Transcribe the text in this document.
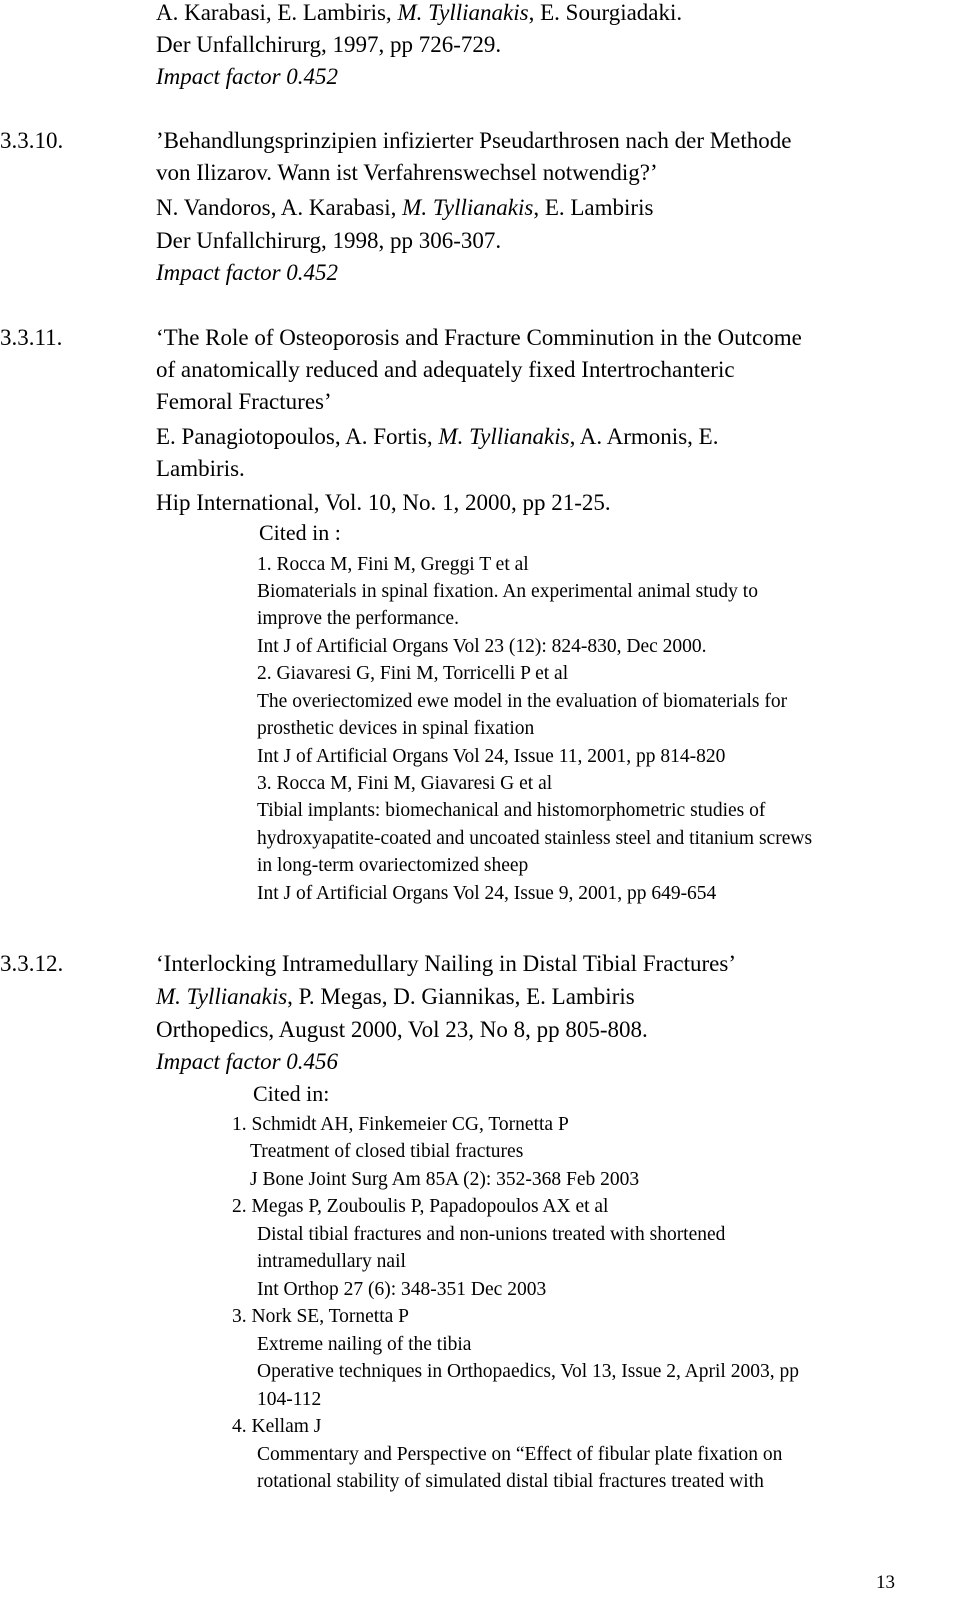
A. Karabasi, E. Lambiris, M. Tyllianakis, E. Sourgiadaki.
Der Unfallchirurg, 1997, pp 726-729.
Impact factor 0.452
3.3.10.	’Behandlungsprinzipien infizierter Pseudarthrosen nach der Methode
von Ilizarov. Wann ist Verfahrenswechsel notwendig?’
N. Vandoros, A. Karabasi, M. Tyllianakis, E. Lambiris
Der Unfallchirurg, 1998, pp 306-307.
Impact factor 0.452
3.3.11.	‘The Role of Osteoporosis and Fracture Comminution in the Outcome
of anatomically reduced and adequately fixed Intertrochanteric
Femoral Fractures’
E. Panagiotopoulos, A. Fortis, M. Tyllianakis, A. Armonis, E.
Lambiris.
Hip International, Vol. 10, No. 1, 2000, pp 21-25.
Cited in :
1. Rocca M, Fini M, Greggi T et al
Biomaterials in spinal fixation. An experimental animal study to
improve the performance.
Int J of Artificial Organs Vol 23 (12): 824-830, Dec 2000.
2. Giavaresi G, Fini M, Torricelli P et al
The overiectomized ewe model in the evaluation of biomaterials for
prosthetic devices in spinal fixation
Int J of Artificial Organs Vol 24, Issue 11, 2001, pp 814-820
3. Rocca M, Fini M, Giavaresi G et al
Tibial implants: biomechanical and histomorphometric studies of
hydroxyapatite-coated and uncoated stainless steel and titanium screws
in long-term ovariectomized sheep
Int J of Artificial Organs Vol 24, Issue 9, 2001, pp 649-654
3.3.12.	‘Interlocking Intramedullary Nailing in Distal Tibial Fractures’
M. Tyllianakis, P. Megas, D. Giannikas, E. Lambiris
Orthopedics, August 2000, Vol 23, No 8, pp 805-808.
Impact factor 0.456
Cited in:
1. Schmidt AH, Finkemeier CG, Tornetta P
Treatment of closed tibial fractures
J Bone Joint Surg Am 85A (2): 352-368 Feb 2003
2. Megas P, Zouboulis P, Papadopoulos AX et al
Distal tibial fractures and non-unions treated with shortened
intramedullary nail
Int Orthop 27 (6): 348-351 Dec 2003
3. Nork SE, Tornetta P
Extreme nailing of the tibia
Operative techniques in Orthopaedics, Vol 13, Issue 2, April 2003, pp
104-112
4. Kellam J
Commentary and Perspective on “Effect of fibular plate fixation on
rotational stability of simulated distal tibial fractures treated with
13
